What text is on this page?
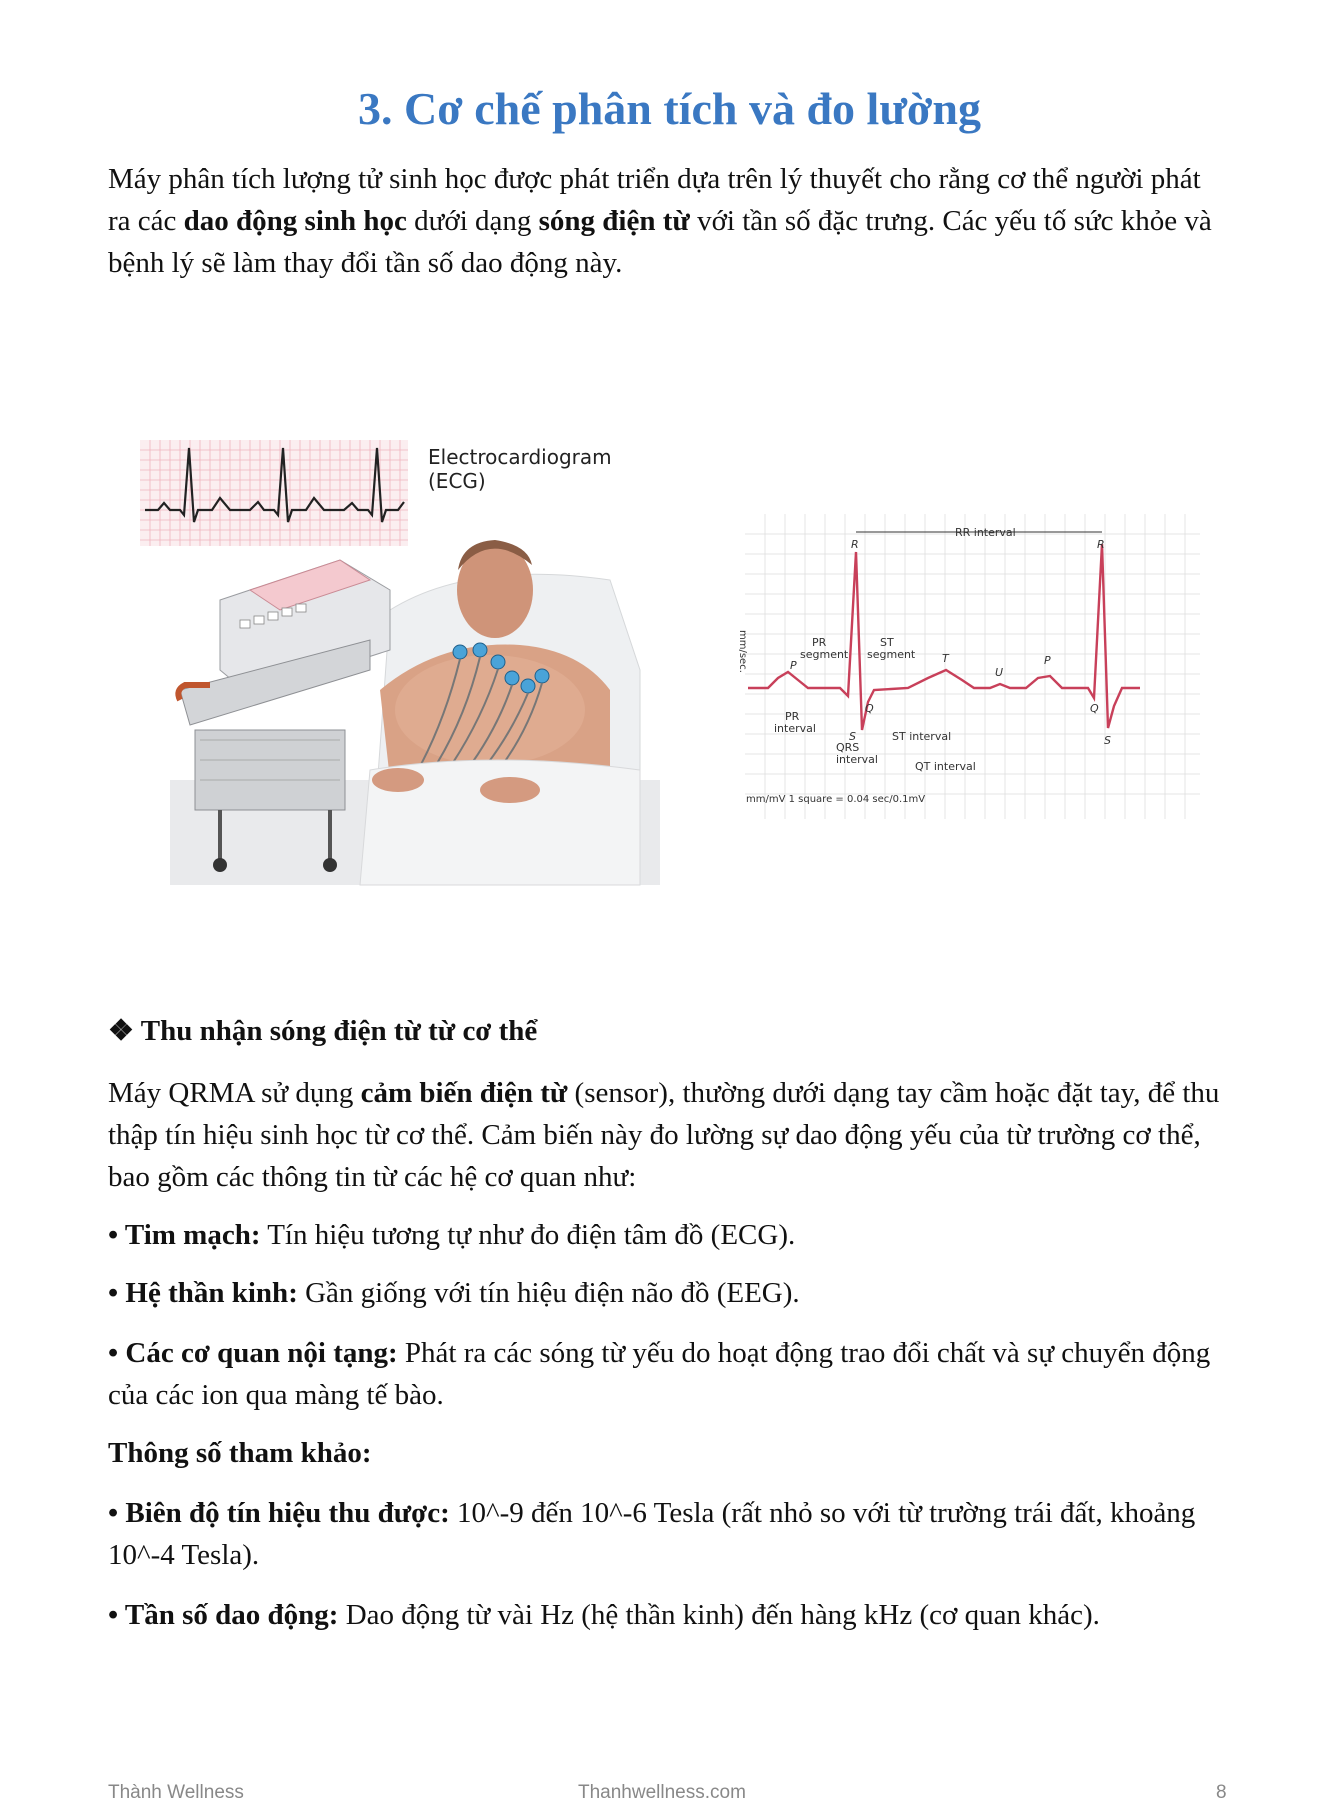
3. Cơ chế phân tích và đo lường

Máy phân tích lượng tử sinh học được phát triển dựa trên lý thuyết cho rằng cơ thể người phát ra các dao động sinh học dưới dạng sóng điện từ với tần số đặc trưng. Các yếu tố sức khỏe và bệnh lý sẽ làm thay đổi tần số dao động này.

Electrocardiogram
(ECG)
RR interval
R	R
PR
segment
ST
segment
P
T
U
P
Q	Q
S	S
PR
interval
ST interval
QRS
interval
QT interval
mm/mV 1 square = 0.04 sec/0.1mV
mm/sec.
❖ Thu nhận sóng điện từ từ cơ thể

Máy QRMA sử dụng cảm biến điện từ (sensor), thường dưới dạng tay cầm hoặc đặt tay, để thu thập tín hiệu sinh học từ cơ thể. Cảm biến này đo lường sự dao động yếu của từ trường cơ thể, bao gồm các thông tin từ các hệ cơ quan như:

• Tim mạch: Tín hiệu tương tự như đo điện tâm đồ (ECG).

• Hệ thần kinh: Gần giống với tín hiệu điện não đồ (EEG).

• Các cơ quan nội tạng: Phát ra các sóng từ yếu do hoạt động trao đổi chất và sự chuyển động của các ion qua màng tế bào.

Thông số tham khảo:

• Biên độ tín hiệu thu được: 10^-9 đến 10^-6 Tesla (rất nhỏ so với từ trường trái đất, khoảng 10^-4 Tesla).

• Tần số dao động: Dao động từ vài Hz (hệ thần kinh) đến hàng kHz (cơ quan khác).

Thành Wellness	Thanhwellness.com	8
